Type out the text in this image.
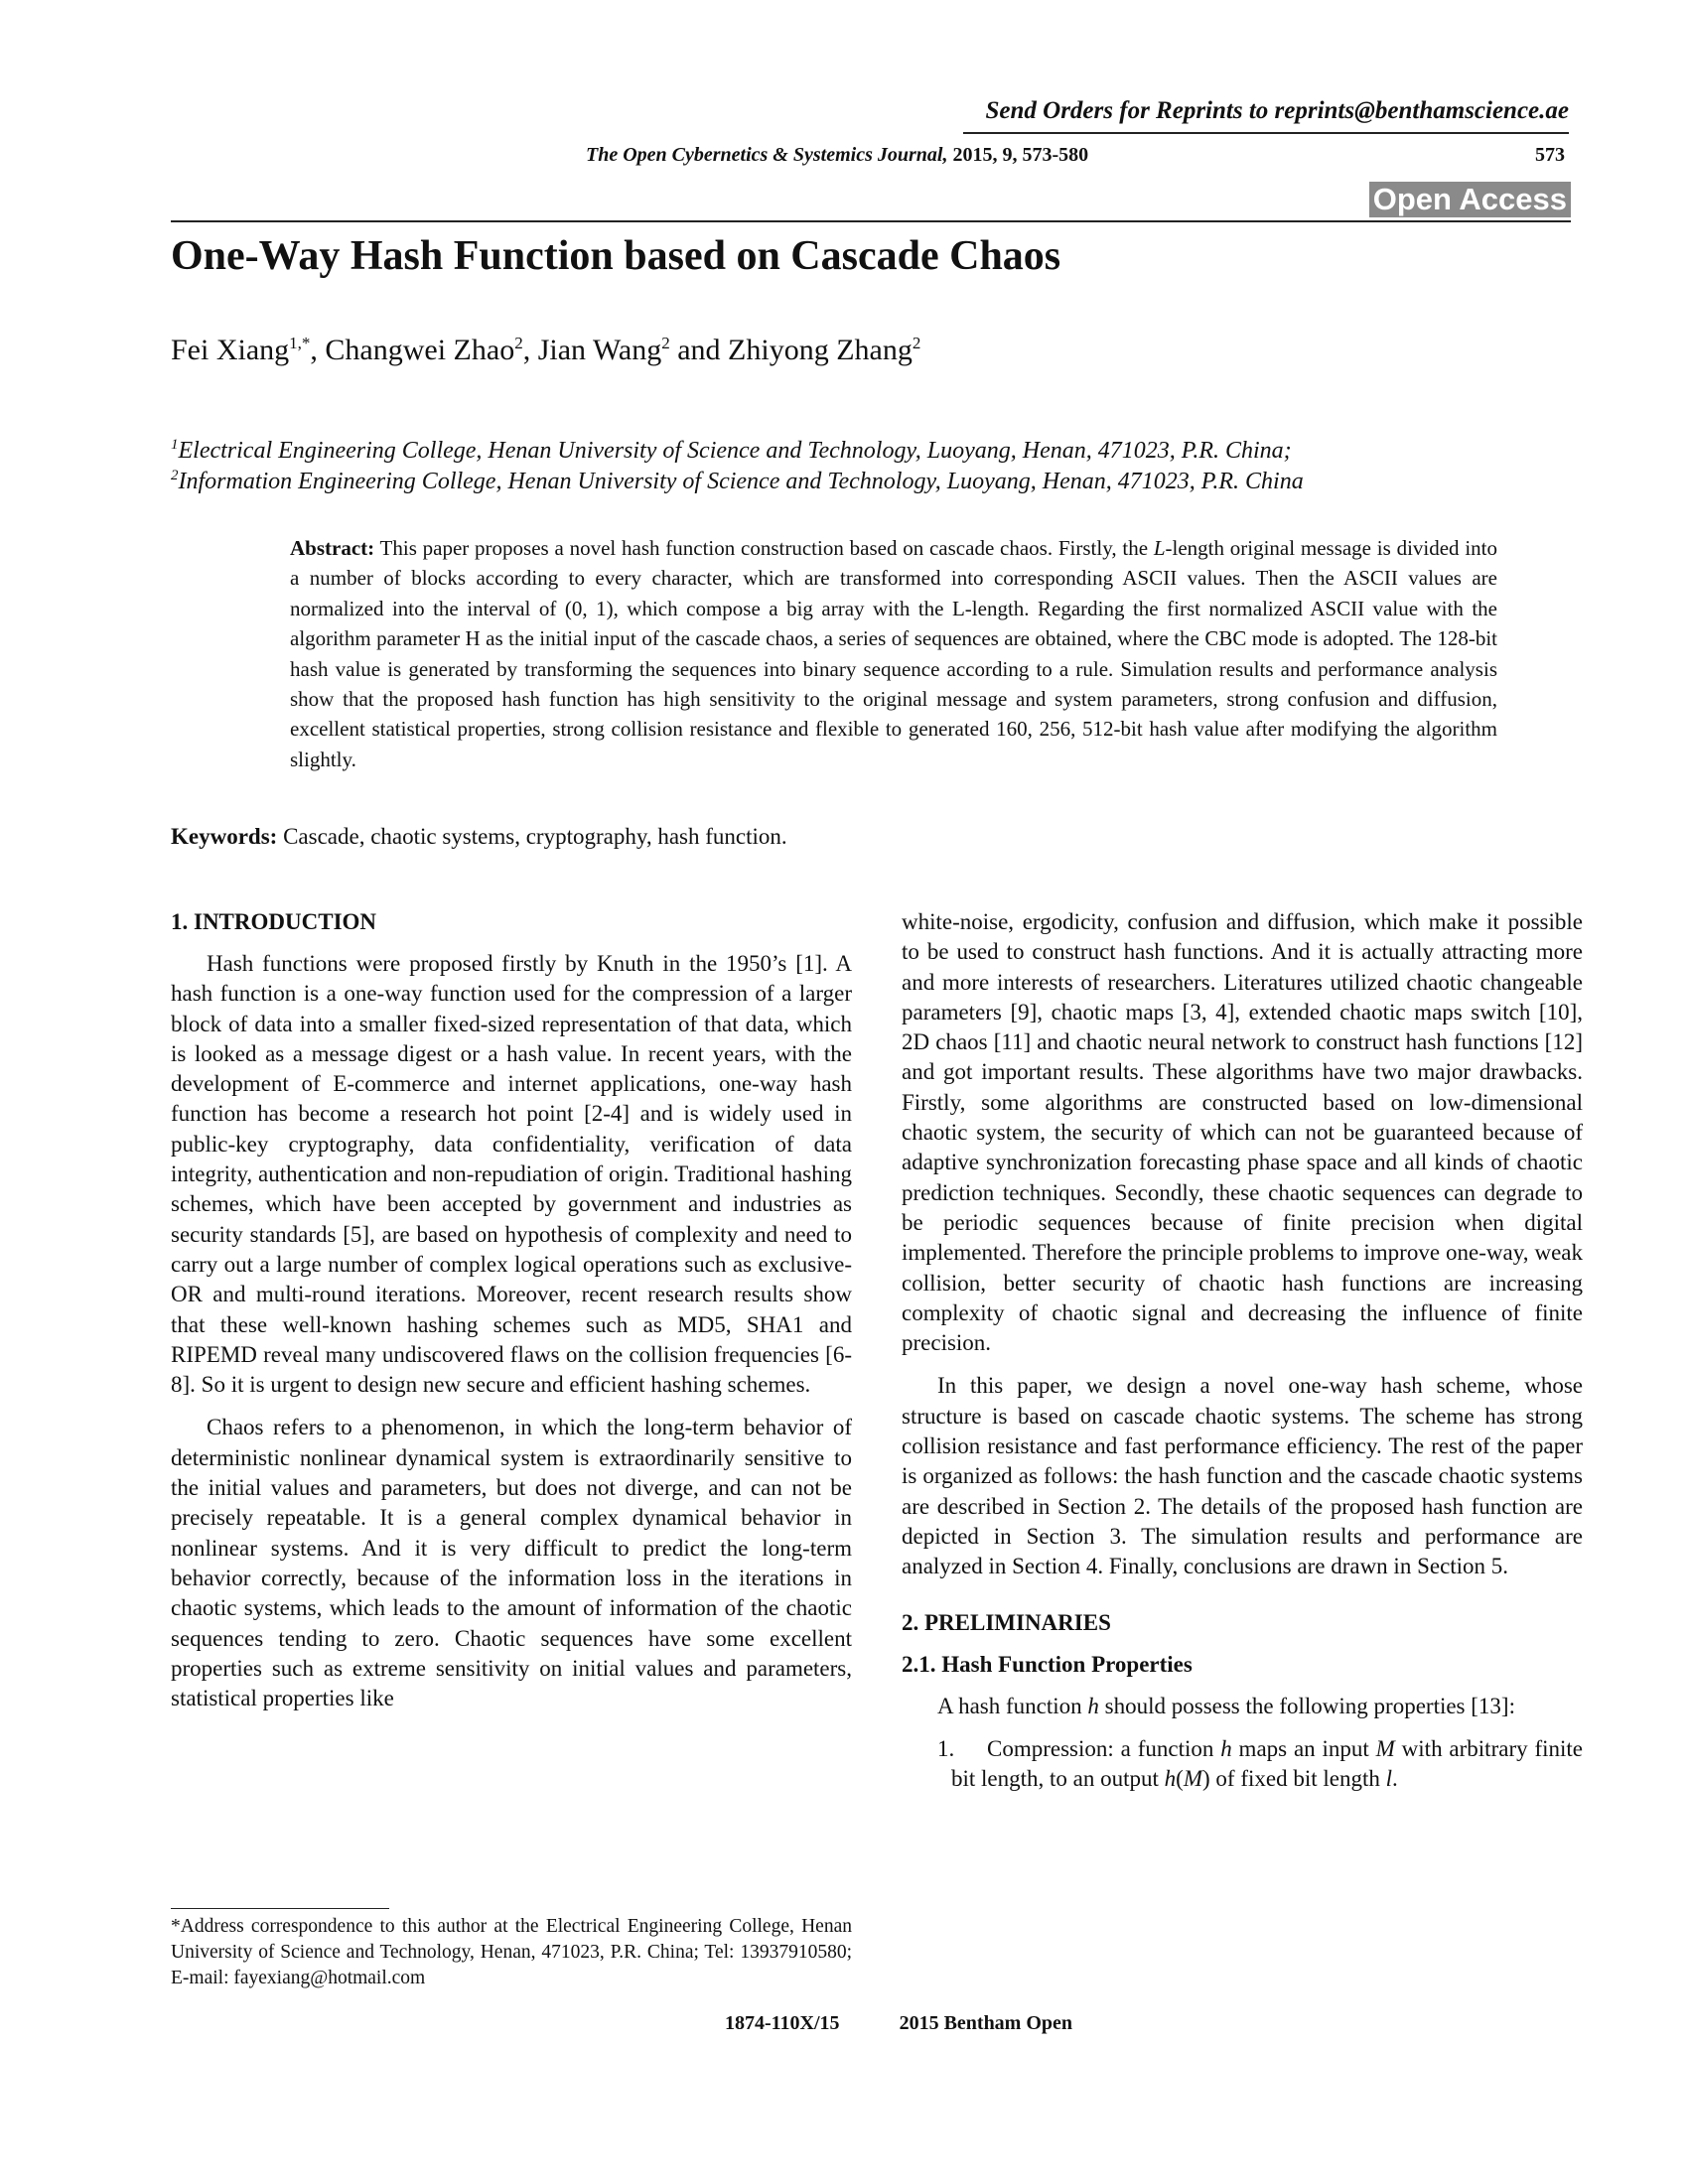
Send Orders for Reprints to reprints@benthamscience.ae
The Open Cybernetics & Systemics Journal, 2015, 9, 573-580	573
Open Access
One-Way Hash Function based on Cascade Chaos
Fei Xiang$^{1,*}$, Changwei Zhao$^2$, Jian Wang$^2$ and Zhiyong Zhang$^2$
$^1$Electrical Engineering College, Henan University of Science and Technology, Luoyang, Henan, 471023, P.R. China;
$^2$Information Engineering College, Henan University of Science and Technology, Luoyang, Henan, 471023, P.R. China
Abstract: This paper proposes a novel hash function construction based on cascade chaos. Firstly, the L-length original message is divided into a number of blocks according to every character, which are transformed into corresponding ASCII values. Then the ASCII values are normalized into the interval of (0, 1), which compose a big array with the L-length. Regarding the first normalized ASCII value with the algorithm parameter H as the initial input of the cascade chaos, a series of sequences are obtained, where the CBC mode is adopted. The 128-bit hash value is generated by transforming the sequences into binary sequence according to a rule. Simulation results and performance analysis show that the proposed hash function has high sensitivity to the original message and system parameters, strong confusion and diffusion, excellent statistical properties, strong collision resistance and flexible to generated 160, 256, 512-bit hash value after modifying the algorithm slightly.
Keywords: Cascade, chaotic systems, cryptography, hash function.
1. INTRODUCTION

Hash functions were proposed firstly by Knuth in the 1950’s [1]. A hash function is a one-way function used for the compression of a larger block of data into a smaller fixed-sized representation of that data, which is looked as a message digest or a hash value. In recent years, with the development of E-commerce and internet applications, one-way hash function has become a research hot point [2-4] and is widely used in public-key cryptography, data confidentiality, verification of data integrity, authentication and non-repudiation of origin. Traditional hashing schemes, which have been accepted by government and industries as security standards [5], are based on hypothesis of complexity and need to carry out a large number of complex logical operations such as exclusive-OR and multi-round iterations. Moreover, recent research results show that these well-known hashing schemes such as MD5, SHA1 and RIPEMD reveal many undiscovered flaws on the collision frequencies [6-8]. So it is urgent to design new secure and efficient hashing schemes.

Chaos refers to a phenomenon, in which the long-term behavior of deterministic nonlinear dynamical system is extraordinarily sensitive to the initial values and parameters, but does not diverge, and can not be precisely repeatable. It is a general complex dynamical behavior in nonlinear systems. And it is very difficult to predict the long-term behavior correctly, because of the information loss in the iterations in chaotic systems, which leads to the amount of information of the chaotic sequences tending to zero. Chaotic sequences have some excellent properties such as extreme sensitivity on initial values and parameters, statistical properties like

white-noise, ergodicity, confusion and diffusion, which make it possible to be used to construct hash functions. And it is actually attracting more and more interests of researchers. Literatures utilized chaotic changeable parameters [9], chaotic maps [3, 4], extended chaotic maps switch [10], 2D chaos [11] and chaotic neural network to construct hash functions [12] and got important results. These algorithms have two major drawbacks. Firstly, some algorithms are constructed based on low-dimensional chaotic system, the security of which can not be guaranteed because of adaptive synchronization forecasting phase space and all kinds of chaotic prediction techniques. Secondly, these chaotic sequences can degrade to be periodic sequences because of finite precision when digital implemented. Therefore the principle problems to improve one-way, weak collision, better security of chaotic hash functions are increasing complexity of chaotic signal and decreasing the influence of finite precision.

In this paper, we design a novel one-way hash scheme, whose structure is based on cascade chaotic systems. The scheme has strong collision resistance and fast performance efficiency. The rest of the paper is organized as follows: the hash function and the cascade chaotic systems are described in Section 2. The details of the proposed hash function are depicted in Section 3. The simulation results and performance are analyzed in Section 4. Finally, conclusions are drawn in Section 5.

2. PRELIMINARIES
2.1. Hash Function Properties

A hash function h should possess the following properties [13]:

1. Compression: a function h maps an input M with arbitrary finite bit length, to an output h(M) of fixed bit length l.

*Address correspondence to this author at the Electrical Engineering College, Henan University of Science and Technology, Henan, 471023, P.R. China; Tel: 13937910580; E-mail: fayexiang@hotmail.com
1874-110X/15	2015 Bentham Open
